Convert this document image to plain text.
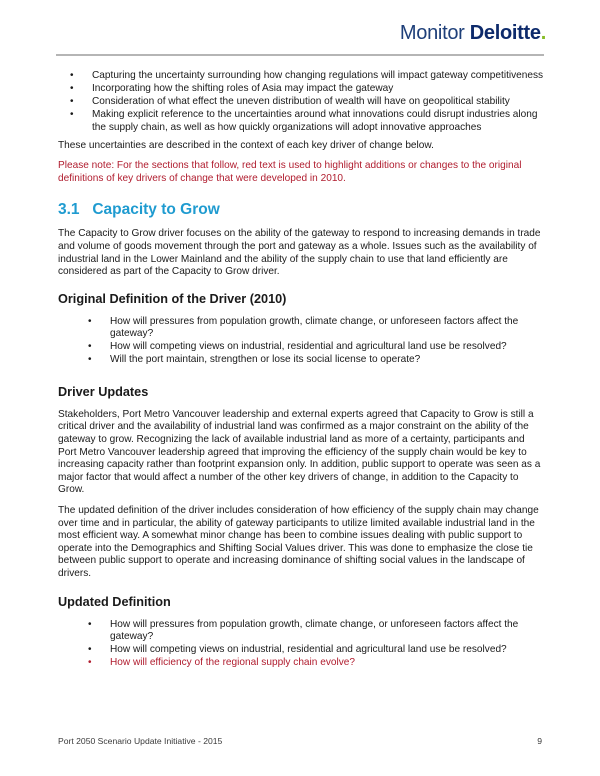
Monitor Deloitte.
• Capturing the uncertainty surrounding how changing regulations will impact gateway competitiveness
• Incorporating how the shifting roles of Asia may impact the gateway
• Consideration of what effect the uneven distribution of wealth will have on geopolitical stability
• Making explicit reference to the uncertainties around what innovations could disrupt industries along the supply chain, as well as how quickly organizations will adopt innovative approaches

These uncertainties are described in the context of each key driver of change below.

Please note: For the sections that follow, red text is used to highlight additions or changes to the original definitions of key drivers of change that were developed in 2010.

3.1 Capacity to Grow

The Capacity to Grow driver focuses on the ability of the gateway to respond to increasing demands in trade and volume of goods movement through the port and gateway as a whole. Issues such as the availability of industrial land in the Lower Mainland and the ability of the supply chain to use that land efficiently are considered as part of the Capacity to Grow driver.

Original Definition of the Driver (2010)
• How will pressures from population growth, climate change, or unforeseen factors affect the gateway?
• How will competing views on industrial, residential and agricultural land use be resolved?
• Will the port maintain, strengthen or lose its social license to operate?
Driver Updates

Stakeholders, Port Metro Vancouver leadership and external experts agreed that Capacity to Grow is still a critical driver and the availability of industrial land was confirmed as a major constraint on the ability of the gateway to grow. Recognizing the lack of available industrial land as more of a certainty, participants and Port Metro Vancouver leadership agreed that improving the efficiency of the supply chain would be key to increasing capacity rather than footprint expansion only. In addition, public support to operate was seen as a major factor that would affect a number of the other key drivers of change, in addition to the Capacity to Grow.

The updated definition of the driver includes consideration of how efficiency of the supply chain may change over time and in particular, the ability of gateway participants to utilize limited available industrial land in the most efficient way. A somewhat minor change has been to combine issues dealing with public support to operate into the Demographics and Shifting Social Values driver. This was done to emphasize the close tie between public support to operate and increasing dominance of shifting social values in the landscape of drivers.

Updated Definition
• How will pressures from population growth, climate change, or unforeseen factors affect the gateway?
• How will competing views on industrial, residential and agricultural land use be resolved?
• How will efficiency of the regional supply chain evolve?
Port 2050 Scenario Update Initiative - 2015	9
